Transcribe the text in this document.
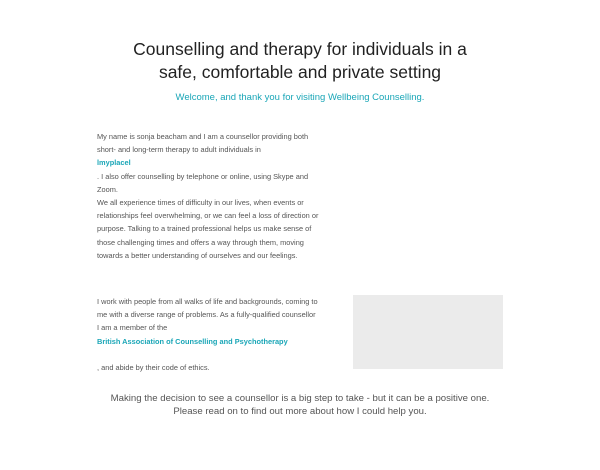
Counselling and therapy for individuals in a
safe, comfortable and private setting

Welcome, and thank you for visiting Wellbeing Counselling.

My name is sonja beacham and I am a counsellor providing both short- and long-term therapy to adult individuals in
lmyplacel
. I also offer counselling by telephone or online, using Skype and Zoom.

We all experience times of difficulty in our lives, when events or relationships feel overwhelming, or we can feel a loss of direction or purpose. Talking to a trained professional helps us make sense of those challenging times and offers a way through them, moving towards a better understanding of ourselves and our feelings.

I work with people from all walks of life and backgrounds, coming to me with a diverse range of problems. As a fully-qualified counsellor I am a member of the
British Association of Counselling and Psychotherapy

, and abide by their code of ethics.

Making the decision to see a counsellor is a big step to take - but it can be a positive one.
Please read on to find out more about how I could help you.
